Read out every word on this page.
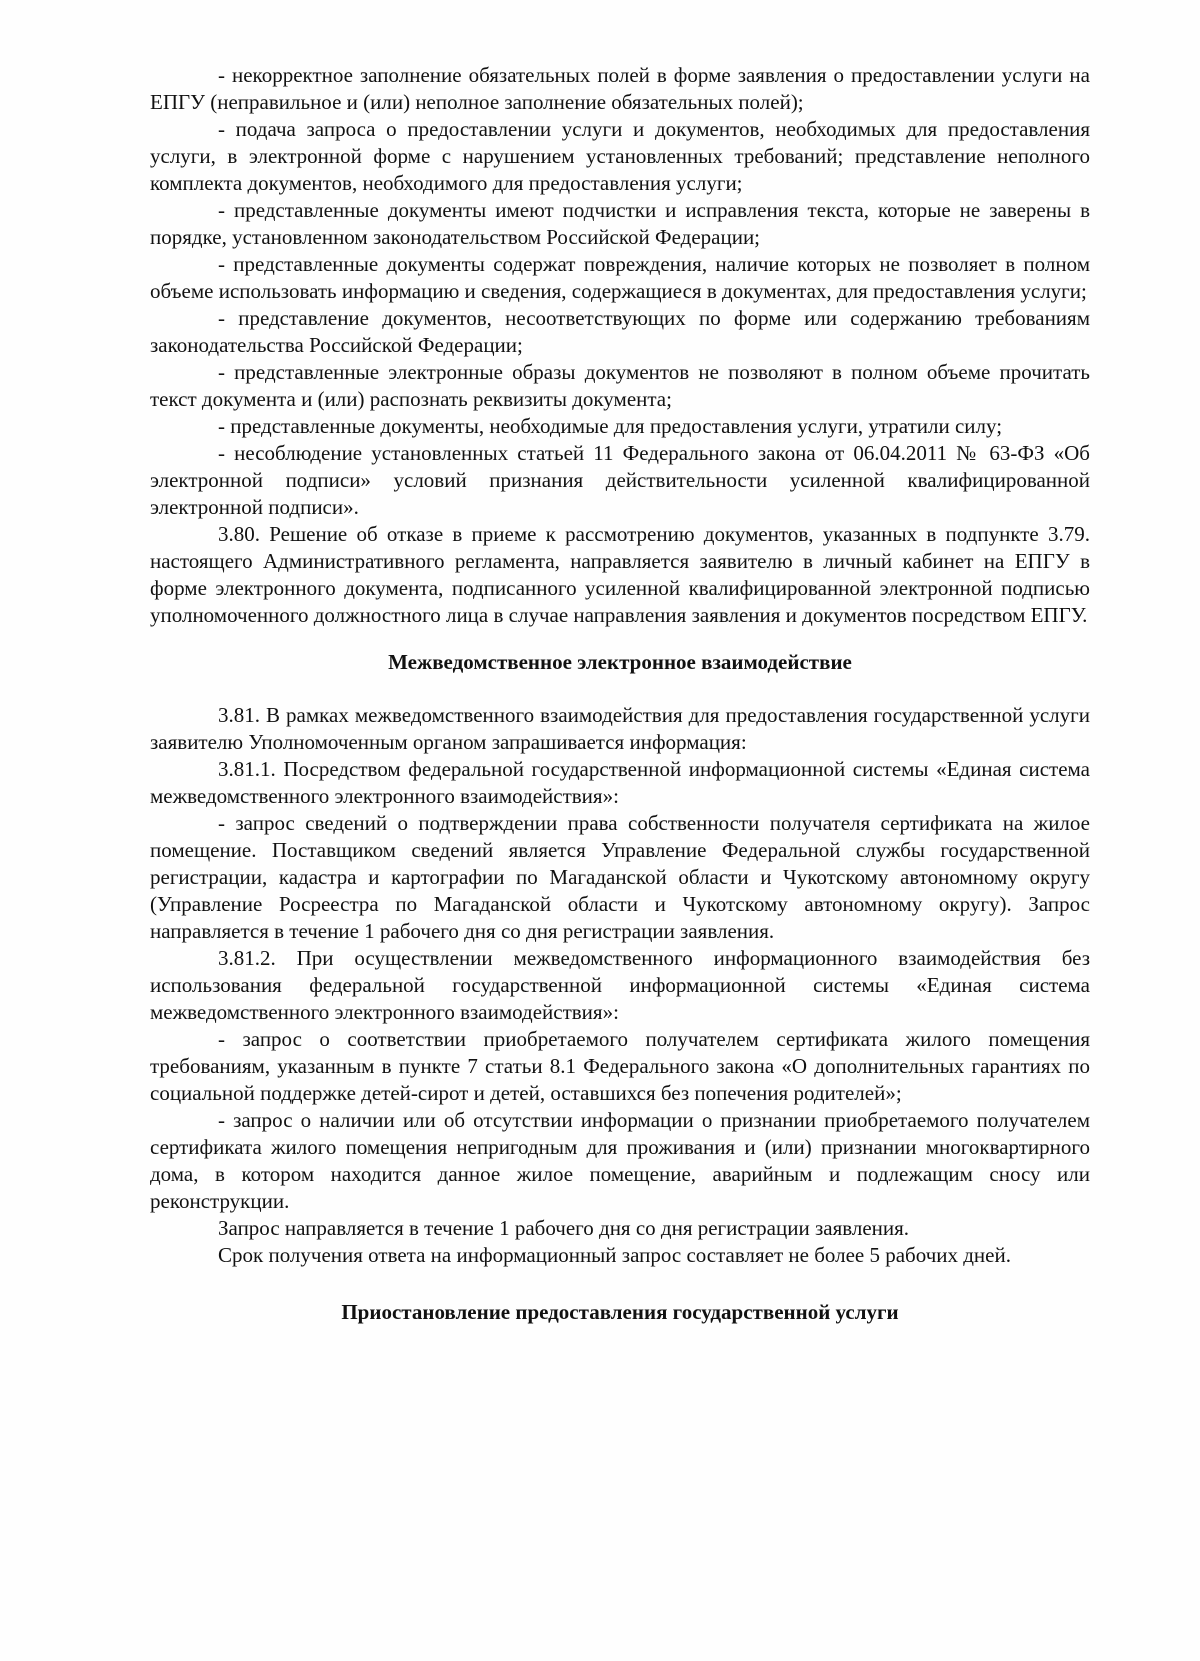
- некорректное заполнение обязательных полей в форме заявления о предоставлении услуги на ЕПГУ (неправильное и (или) неполное заполнение обязательных полей);

- подача запроса о предоставлении услуги и документов, необходимых для предоставления услуги, в электронной форме с нарушением установленных требований; представление неполного комплекта документов, необходимого для предоставления услуги;

- представленные документы имеют подчистки и исправления текста, которые не заверены в порядке, установленном законодательством Российской Федерации;

- представленные документы содержат повреждения, наличие которых не позволяет в полном объеме использовать информацию и сведения, содержащиеся в документах, для предоставления услуги;

- представление документов, несоответствующих по форме или содержанию требованиям законодательства Российской Федерации;

- представленные электронные образы документов не позволяют в полном объеме прочитать текст документа и (или) распознать реквизиты документа;

- представленные документы, необходимые для предоставления услуги, утратили силу;

- несоблюдение установленных статьей 11 Федерального закона от 06.04.2011 № 63-ФЗ «Об электронной подписи» условий признания действительности усиленной квалифицированной электронной подписи».

3.80. Решение об отказе в приеме к рассмотрению документов, указанных в подпункте 3.79. настоящего Административного регламента, направляется заявителю в личный кабинет на ЕПГУ в форме электронного документа, подписанного усиленной квалифицированной электронной подписью уполномоченного должностного лица в случае направления заявления и документов посредством ЕПГУ.

Межведомственное электронное взаимодействие

3.81. В рамках межведомственного взаимодействия для предоставления государственной услуги заявителю Уполномоченным органом запрашивается информация:

3.81.1. Посредством федеральной государственной информационной системы «Единая система межведомственного электронного взаимодействия»:

- запрос сведений о подтверждении права собственности получателя сертификата на жилое помещение. Поставщиком сведений является Управление Федеральной службы государственной регистрации, кадастра и картографии по Магаданской области и Чукотскому автономному округу (Управление Росреестра по Магаданской области и Чукотскому автономному округу). Запрос направляется в течение 1 рабочего дня со дня регистрации заявления.

3.81.2. При осуществлении межведомственного информационного взаимодействия без использования федеральной государственной информационной системы «Единая система межведомственного электронного взаимодействия»:

- запрос о соответствии приобретаемого получателем сертификата жилого помещения требованиям, указанным в пункте 7 статьи 8.1 Федерального закона «О дополнительных гарантиях по социальной поддержке детей-сирот и детей, оставшихся без попечения родителей»;

- запрос о наличии или об отсутствии информации о признании приобретаемого получателем сертификата жилого помещения непригодным для проживания и (или) признании многоквартирного дома, в котором находится данное жилое помещение, аварийным и подлежащим сносу или реконструкции.

Запрос направляется в течение 1 рабочего дня со дня регистрации заявления.

Срок получения ответа на информационный запрос составляет не более 5 рабочих дней.

Приостановление предоставления государственной услуги
